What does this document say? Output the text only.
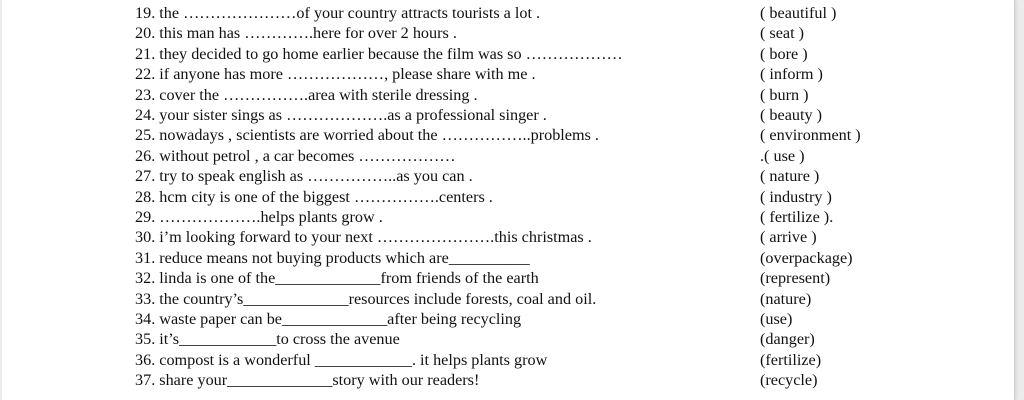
19. the …………………of your country attracts tourists a lot .	( beautiful )
20. this man has ………….here for over 2 hours .	( seat )
21. they decided to go home earlier because the film was so ………………	( bore )
22. if anyone has more ………………, please share with me .	( inform )
23. cover the …………….area with sterile dressing .	( burn )
24. your sister sings as ……………….as a professional singer .	( beauty )
25. nowadays , scientists are worried about the ……………..problems .	( environment )
26. without petrol , a car becomes ………………	.( use )
27. try to speak english as ……………..as you can .	( nature )
28. hcm city is one of the biggest …………….centers .	( industry )
29. ……………….helps plants grow .	( fertilize ).
30. i’m looking forward to your next ………………….this christmas .	( arrive )
31. reduce means not buying products which are__________	(overpackage)
32. linda is one of the_____________from friends of the earth	(represent)
33. the country’s_____________resources include forests, coal and oil.	(nature)
34. waste paper can be_____________after being recycling	(use)
35. it’s____________to cross the avenue	(danger)
36. compost is a wonderful ____________. it helps plants grow	(fertilize)
37. share your_____________story with our readers!	(recycle)
